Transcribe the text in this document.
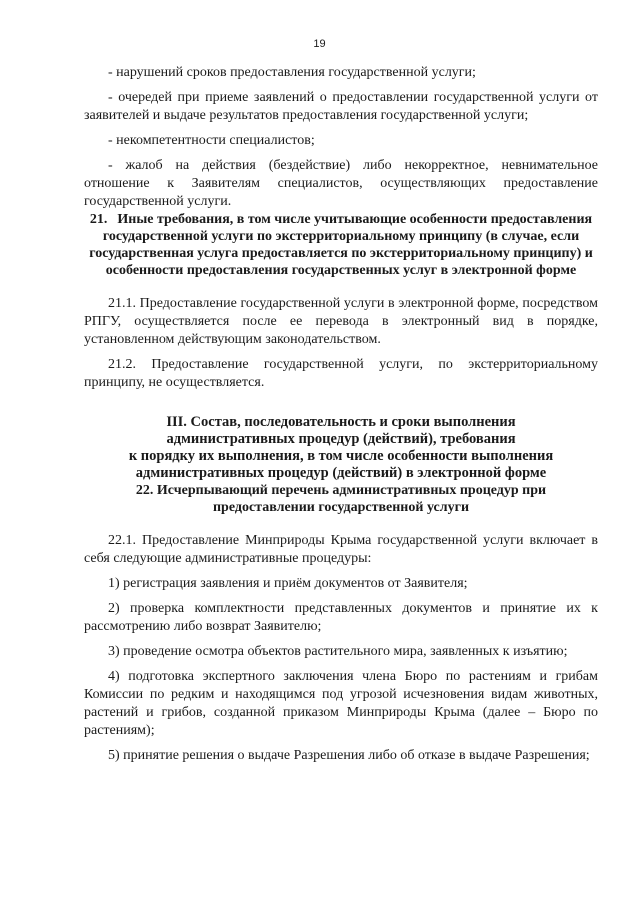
19

- нарушений сроков предоставления государственной услуги;

- очередей при приеме заявлений о предоставлении государственной услуги от заявителей и выдаче результатов предоставления государственной услуги;

- некомпетентности специалистов;

- жалоб на действия (бездействие) либо некорректное, невнимательное отношение к Заявителям специалистов, осуществляющих предоставление государственной услуги.

21. Иные требования, в том числе учитывающие особенности предоставления государственной услуги по экстерриториальному принципу (в случае, если государственная услуга предоставляется по экстерриториальному принципу) и особенности предоставления государственных услуг в электронной форме

21.1. Предоставление государственной услуги в электронной форме, посредством РПГУ, осуществляется после ее перевода в электронный вид в порядке, установленном действующим законодательством.

21.2. Предоставление государственной услуги, по экстерриториальному принципу, не осуществляется.

III. Состав, последовательность и сроки выполнения

административных процедур (действий), требования

к порядку их выполнения, в том числе особенности выполнения

административных процедур (действий) в электронной форме

22. Исчерпывающий перечень административных процедур при предоставлении государственной услуги

22.1. Предоставление Минприроды Крыма государственной услуги включает в себя следующие административные процедуры:

1) регистрация заявления и приём документов от Заявителя;

2) проверка комплектности представленных документов и принятие их к рассмотрению либо возврат Заявителю;

3) проведение осмотра объектов растительного мира, заявленных к изъятию;

4) подготовка экспертного заключения члена Бюро по растениям и грибам Комиссии по редким и находящимся под угрозой исчезновения видам животных, растений и грибов, созданной приказом Минприроды Крыма (далее – Бюро по растениям);

5) принятие решения о выдаче Разрешения либо об отказе в выдаче Разрешения;
